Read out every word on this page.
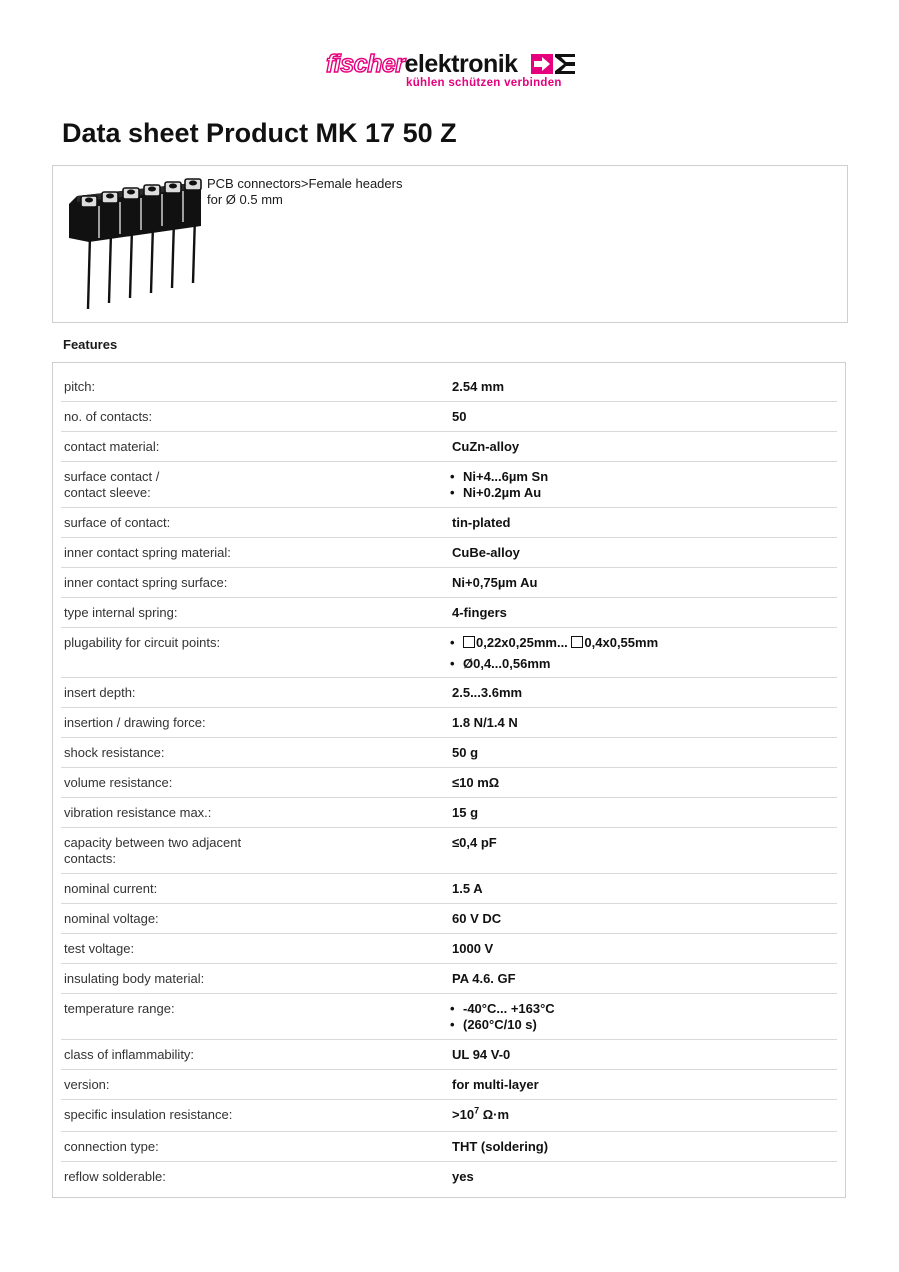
fischerelektronik
kühlen schützen verbinden
Data sheet Product MK 17 50 Z
PCB connectors>Female headers
for Ø 0.5 mm
Features
pitch:	2.54 mm
no. of contacts:	50
contact material:	CuZn-alloy
surface contact /
contact sleeve:
• Ni+4...6µm Sn
• Ni+0.2µm Au
surface of contact:	tin-plated
inner contact spring material:	CuBe-alloy
inner contact spring surface:	Ni+0,75µm Au
type internal spring:	4-fingers
plugability for circuit points:	• 0,22x0,25mm... 0,4x0,55mm
• Ø0,4...0,56mm
insert depth:	2.5...3.6mm
insertion / drawing force:	1.8 N/1.4 N
shock resistance:	50 g
volume resistance:	≤10 mΩ
vibration resistance max.:	15 g
capacity between two adjacent
contacts:
≤0,4 pF
nominal current:	1.5 A
nominal voltage:	60 V DC
test voltage:	1000 V
insulating body material:	PA 4.6. GF
temperature range:	• -40°C... +163°C
• (260°C/10 s)
class of inflammability:	UL 94 V-0
version:	for multi-layer
specific insulation resistance:	$>10^7$ Ω·m
connection type:	THT (soldering)
reflow solderable:	yes
